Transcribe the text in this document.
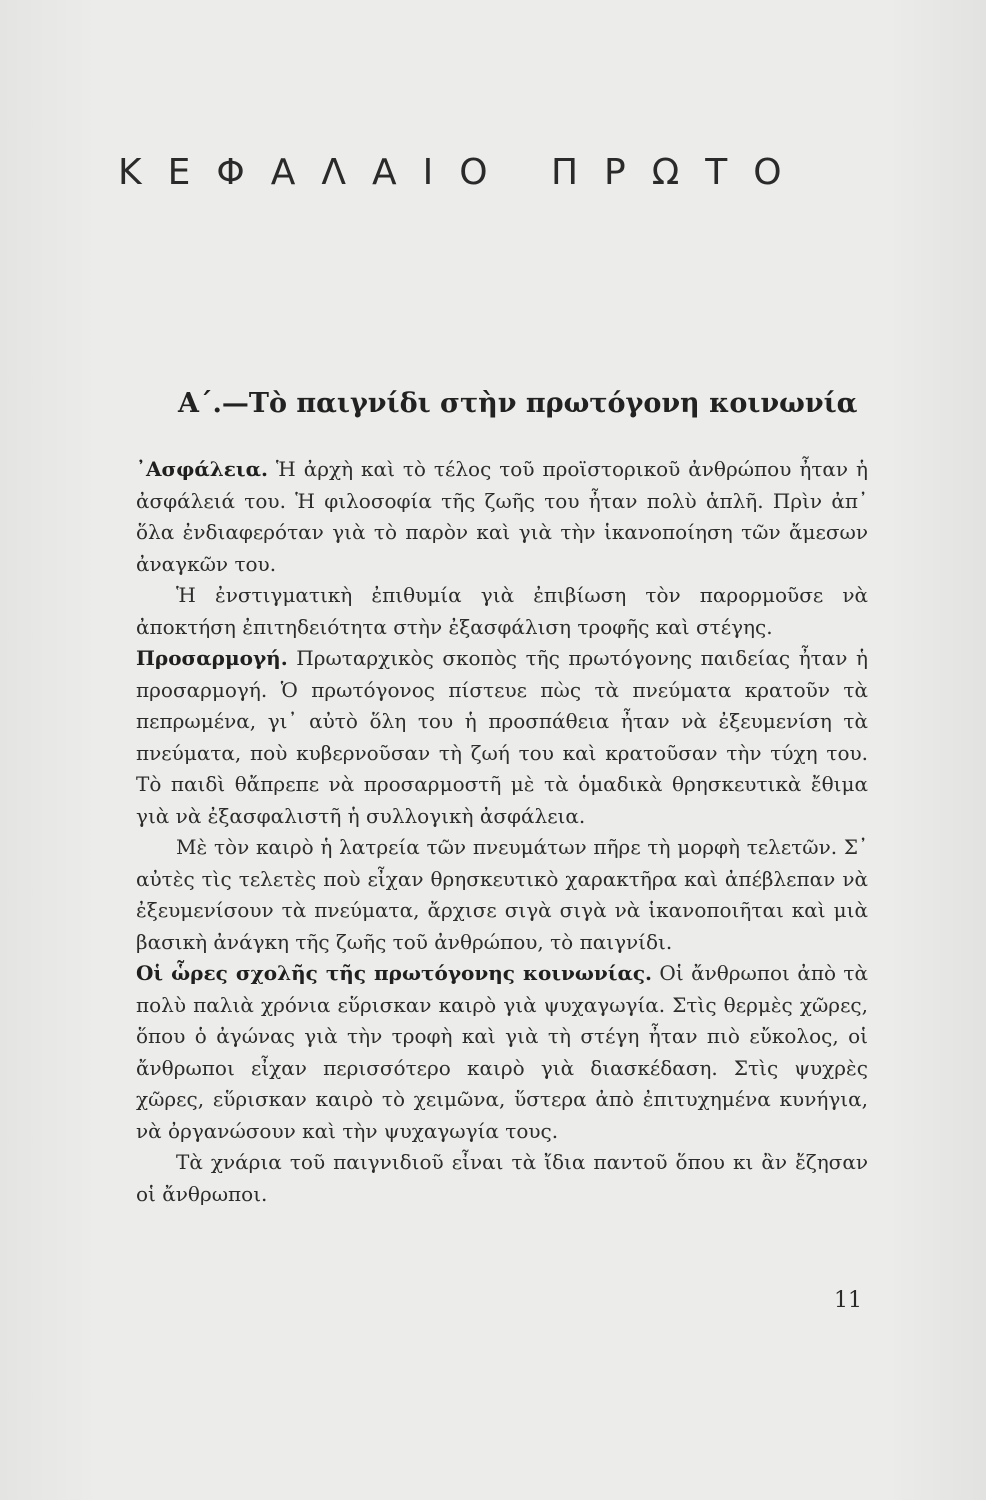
ΚΕΦΑΛΑΙΟ ΠΡΩΤΟ
Α΄.—Τὸ παιγνίδι στὴν πρωτόγονη κοινωνία

᾿Ασφάλεια. Ἡ ἀρχὴ καὶ τὸ τέλος τοῦ προϊστορικοῦ ἀνθρώπου ἦταν ἡ ἀσφάλειά του. Ἡ φιλοσοφία τῆς ζωῆς του ἦταν πολὺ ἁπλῆ. Πρὶν ἀπ᾿ ὅλα ἐνδιαφερόταν γιὰ τὸ παρὸν καὶ γιὰ τὴν ἱκανοποίηση τῶν ἄμεσων ἀναγκῶν του.

Ἡ ἐνστιγματικὴ ἐπιθυμία γιὰ ἐπιβίωση τὸν παρορμοῦσε νὰ ἀποκτήση ἐπιτηδειότητα στὴν ἐξασφάλιση τροφῆς καὶ στέγης.

Προσαρμογή. Πρωταρχικὸς σκοπὸς τῆς πρωτόγονης παιδείας ἦταν ἡ προσαρμογή. Ὁ πρωτόγονος πίστευε πὼς τὰ πνεύματα κρατοῦν τὰ πεπρωμένα, γι᾿ αὐτὸ ὅλη του ἡ προσπάθεια ἦταν νὰ ἐξευμενίση τὰ πνεύματα, ποὺ κυβερνοῦσαν τὴ ζωή του καὶ κρατοῦσαν τὴν τύχη του. Τὸ παιδὶ θἄπρεπε νὰ προσαρμοστῆ μὲ τὰ ὁμαδικὰ θρησκευτικὰ ἔθιμα γιὰ νὰ ἐξασφαλιστῆ ἡ συλλογικὴ ἀσφάλεια.

Μὲ τὸν καιρὸ ἡ λατρεία τῶν πνευμάτων πῆρε τὴ μορφὴ τελετῶν. Σ᾿ αὐτὲς τὶς τελετὲς ποὺ εἶχαν θρησκευτικὸ χαρακτῆρα καὶ ἀπέβλεπαν νὰ ἐξευμενίσουν τὰ πνεύματα, ἄρχισε σιγὰ σιγὰ νὰ ἱκανοποιῆται καὶ μιὰ βασικὴ ἀνάγκη τῆς ζωῆς τοῦ ἀνθρώπου, τὸ παιγνίδι.

Οἱ ὧρες σχολῆς τῆς πρωτόγονης κοινωνίας. Οἱ ἄνθρωποι ἀπὸ τὰ πολὺ παλιὰ χρόνια εὕρισκαν καιρὸ γιὰ ψυχαγωγία. Στὶς θερμὲς χῶρες, ὅπου ὁ ἀγώνας γιὰ τὴν τροφὴ καὶ γιὰ τὴ στέγη ἦταν πιὸ εὔκολος, οἱ ἄνθρωποι εἶχαν περισσότερο καιρὸ γιὰ διασκέδαση. Στὶς ψυχρὲς χῶρες, εὕρισκαν καιρὸ τὸ χειμῶνα, ὕστερα ἀπὸ ἐπιτυχημένα κυνήγια, νὰ ὀργανώσουν καὶ τὴν ψυχαγωγία τους.

Τὰ χνάρια τοῦ παιγνιδιοῦ εἶναι τὰ ἴδια παντοῦ ὅπου κι ἂν ἔζησαν οἱ ἄνθρωποι.

11
